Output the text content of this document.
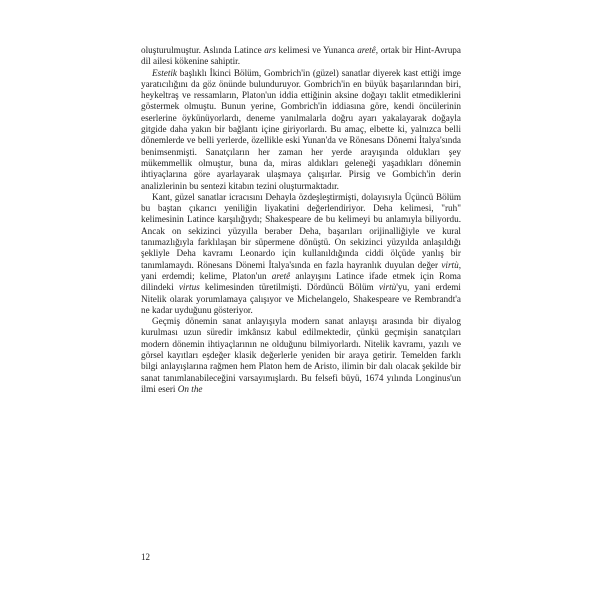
oluşturulmuştur. Aslında Latince ars kelimesi ve Yunanca aretê, ortak bir Hint-Avrupa dil ailesi kökenine sahiptir.

Estetik başlıklı İkinci Bölüm, Gombrich'in (güzel) sanatlar diyerek kast ettiği imge yaratıcılığını da göz önünde bulunduruyor. Gombrich'in en büyük başarılarından biri, heykeltraş ve ressamların, Platon'un iddia ettiğinin aksine doğayı taklit etmediklerini göstermek olmuştu. Bunun yerine, Gombrich'in iddiasına göre, kendi öncülerinin eserlerine öykünüyorlardı, deneme yanılmalarla doğru ayarı yakalayarak doğayla gitgide daha yakın bir bağlantı içine giriyorlardı. Bu amaç, elbette ki, yalnızca belli dönemlerde ve belli yerlerde, özellikle eski Yunan'da ve Rönesans Dönemi İtalya'sında benimsenmişti. Sanatçıların her zaman her yerde arayışında oldukları şey mükemmellik olmuştur, buna da, miras aldıkları geleneği yaşadıkları dönemin ihtiyaçlarına göre ayarlayarak ulaşmaya çalışırlar. Pirsig ve Gombich'in derin analizlerinin bu sentezi kitabın tezini oluşturmaktadır.

Kant, güzel sanatlar icracısını Dehayla özdeşleştirmişti, dolayısıyla Üçüncü Bölüm bu baştan çıkarıcı yeniliğin liyakatini değerlendiriyor. Deha kelimesi, "ruh" kelimesinin Latince karşılığıydı; Shakespeare de bu kelimeyi bu anlamıyla biliyordu. Ancak on sekizinci yüzyılla beraber Deha, başarıları orijinalliğiyle ve kural tanımazlığıyla farklılaşan bir süpermene dönüştü. On sekizinci yüzyılda anlaşıldığı şekliyle Deha kavramı Leonardo için kullanıldığında ciddi ölçüde yanlış bir tanımlamaydı. Rönesans Dönemi İtalya'sında en fazla hayranlık duyulan değer virtù, yani erdemdi; kelime, Platon'un aretê anlayışını Latince ifade etmek için Roma dilindeki virtus kelimesinden türetilmişti. Dördüncü Bölüm virtù'yu, yani erdemi Nitelik olarak yorumlamaya çalışıyor ve Michelangelo, Shakespeare ve Rembrandt'a ne kadar uyduğunu gösteriyor.

Geçmiş dönemin sanat anlayışıyla modern sanat anlayışı arasında bir diyalog kurulması uzun süredir imkânsız kabul edilmektedir, çünkü geçmişin sanatçıları modern dönemin ihtiyaçlarının ne olduğunu bilmiyorlardı. Nitelik kavramı, yazılı ve görsel kayıtları eşdeğer klasik değerlerle yeniden bir araya getirir. Temelden farklı bilgi anlayışlarına rağmen hem Platon hem de Aristo, ilimin bir dalı olacak şekilde bir sanat tanımlanabileceğini varsayımışlardı. Bu felsefi büyü, 1674 yılında Longinus'un ilmi eseri On the

12
